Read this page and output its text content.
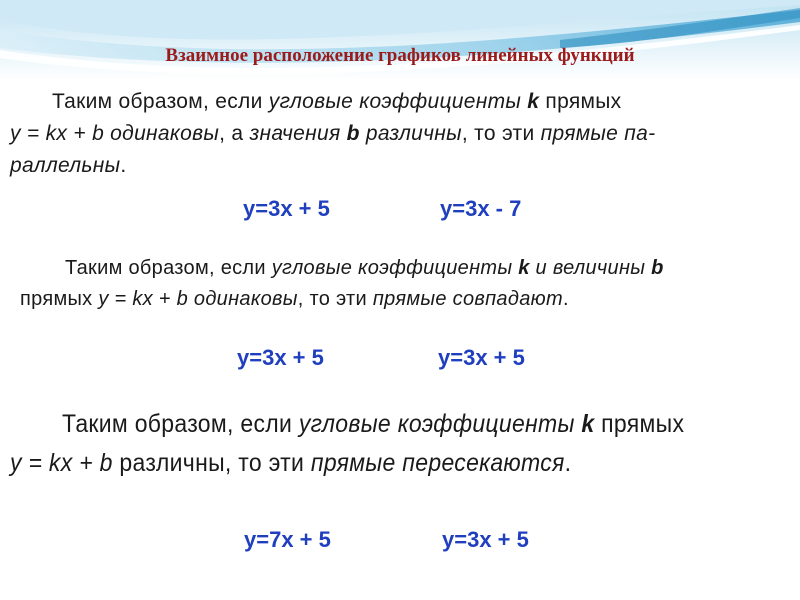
Взаимное расположение графиков линейных функций
Таким образом, если угловые коэффициенты k прямых
y = kx + b одинаковы, а значения b различны, то эти прямые па-
раллельны.
y=3x + 5	y=3x - 7
Таким образом, если угловые коэффициенты k и величины b
прямых y = kx + b одинаковы, то эти прямые совпадают.
y=3x + 5	y=3x + 5
Таким образом, если угловые коэффициенты k прямых
y = kx + b различны, то эти прямые пересекаются.
y=7x + 5	y=3x + 5
